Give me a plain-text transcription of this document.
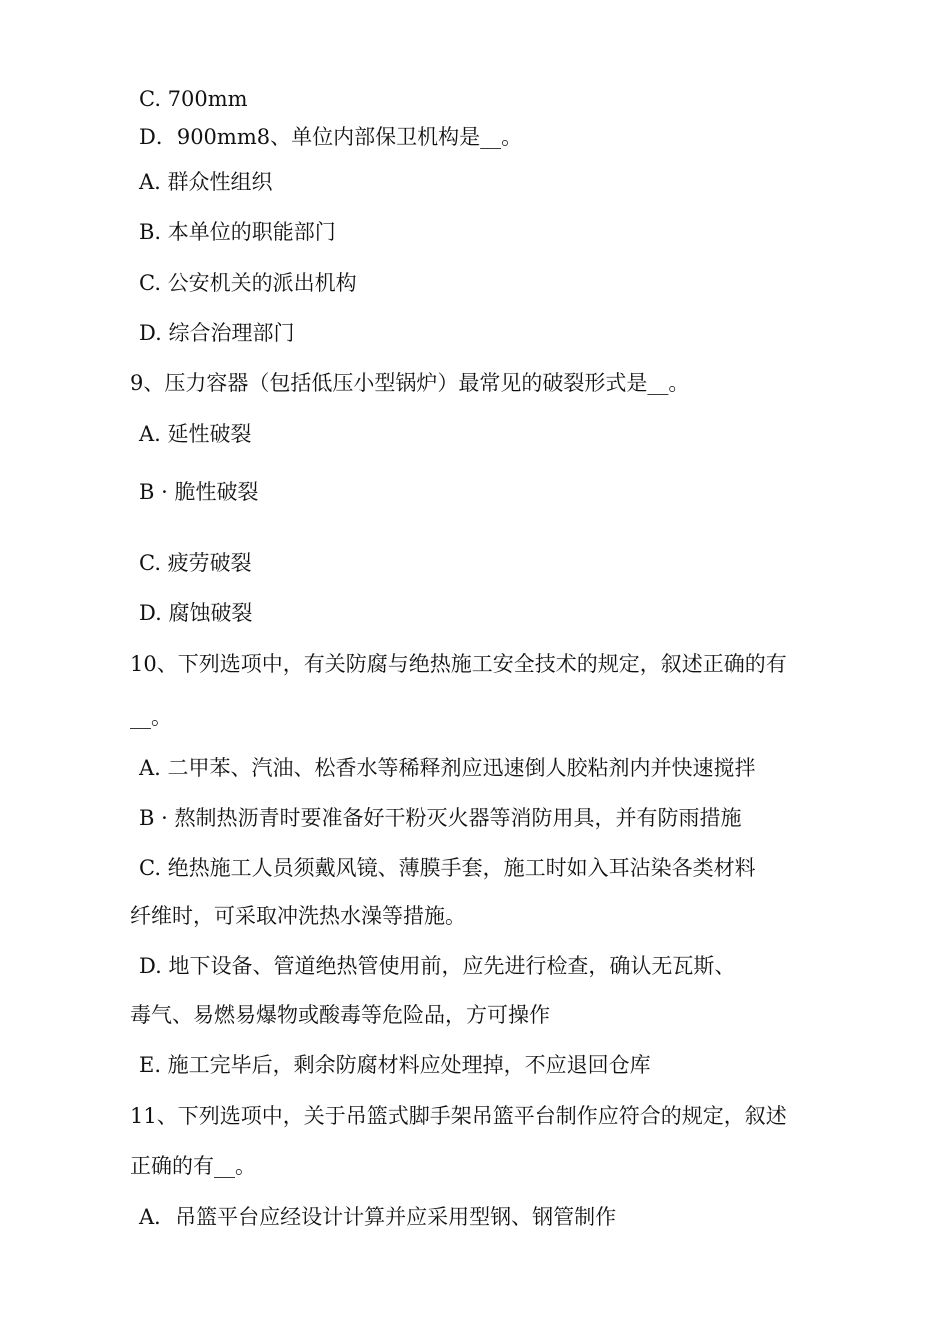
C. 700mm
D．900mm8、单位内部保卫机构是__。
A. 群众性组织
B. 本单位的职能部门
C. 公安机关的派出机构
D. 综合治理部门
9、压力容器（包括低压小型锅炉）最常见的破裂形式是__。
A. 延性破裂
B · 脆性破裂
C. 疲劳破裂
D. 腐蚀破裂
10、下列选项中，有关防腐与绝热施工安全技术的规定，叙述正确的有
__。
A. 二甲苯、汽油、松香水等稀释剂应迅速倒人胶粘剂内并快速搅拌
B · 熬制热沥青时要准备好干粉灭火器等消防用具，并有防雨措施
C. 绝热施工人员须戴风镜、薄膜手套，施工时如入耳沾染各类材料
纤维时，可采取冲洗热水澡等措施。
D. 地下设备、管道绝热管使用前，应先进行检查，确认无瓦斯、
毒气、易燃易爆物或酸毒等危险品，方可操作
E. 施工完毕后，剩余防腐材料应处理掉，不应退回仓库
11、下列选项中，关于吊篮式脚手架吊篮平台制作应符合的规定，叙述
正确的有__。
A．吊篮平台应经设计计算并应采用型钢、钢管制作
